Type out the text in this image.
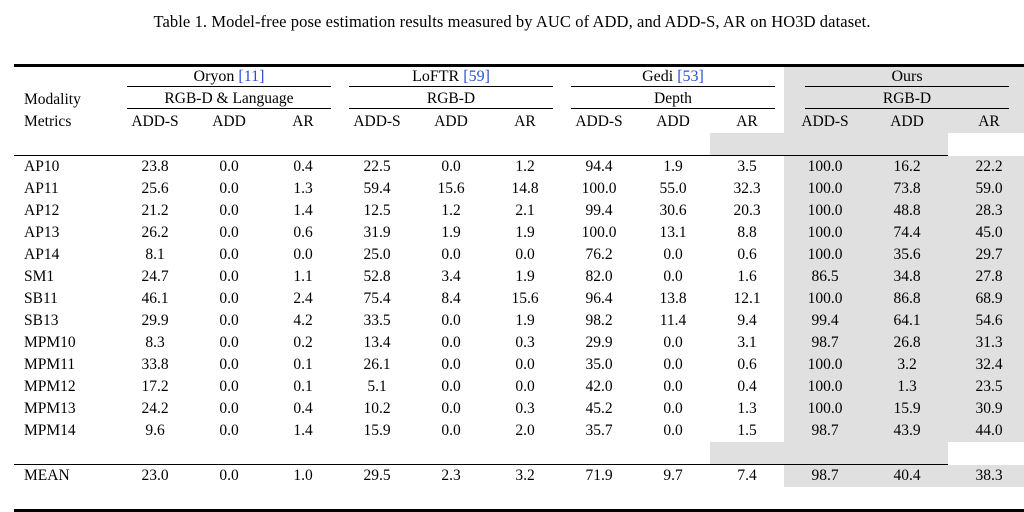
Table 1. Model-free pose estimation results measured by AUC of ADD, and ADD-S, AR on HO3D dataset.

	Oryon [11]			LoFTR [59]			Gedi [53]			Ours		
Modality	RGB-D & Language			RGB-D			Depth			RGB-D		
Metrics	ADD-S	ADD	AR	ADD-S	ADD	AR	ADD-S	ADD	AR	ADD-S	ADD	AR

AP10	23.8	0.0	0.4	22.5	0.0	1.2	94.4	1.9	3.5	100.0	16.2	22.2
AP11	25.6	0.0	1.3	59.4	15.6	14.8	100.0	55.0	32.3	100.0	73.8	59.0
AP12	21.2	0.0	1.4	12.5	1.2	2.1	99.4	30.6	20.3	100.0	48.8	28.3
AP13	26.2	0.0	0.6	31.9	1.9	1.9	100.0	13.1	8.8	100.0	74.4	45.0
AP14	8.1	0.0	0.0	25.0	0.0	0.0	76.2	0.0	0.6	100.0	35.6	29.7
SM1	24.7	0.0	1.1	52.8	3.4	1.9	82.0	0.0	1.6	86.5	34.8	27.8
SB11	46.1	0.0	2.4	75.4	8.4	15.6	96.4	13.8	12.1	100.0	86.8	68.9
SB13	29.9	0.0	4.2	33.5	0.0	1.9	98.2	11.4	9.4	99.4	64.1	54.6
MPM10	8.3	0.0	0.2	13.4	0.0	0.3	29.9	0.0	3.1	98.7	26.8	31.3
MPM11	33.8	0.0	0.1	26.1	0.0	0.0	35.0	0.0	0.6	100.0	3.2	32.4
MPM12	17.2	0.0	0.1	5.1	0.0	0.0	42.0	0.0	0.4	100.0	1.3	23.5
MPM13	24.2	0.0	0.4	10.2	0.0	0.3	45.2	0.0	1.3	100.0	15.9	30.9
MPM14	9.6	0.0	1.4	15.9	0.0	2.0	35.7	0.0	1.5	98.7	43.9	44.0

MEAN	23.0	0.0	1.0	29.5	2.3	3.2	71.9	9.7	7.4	98.7	40.4	38.3
